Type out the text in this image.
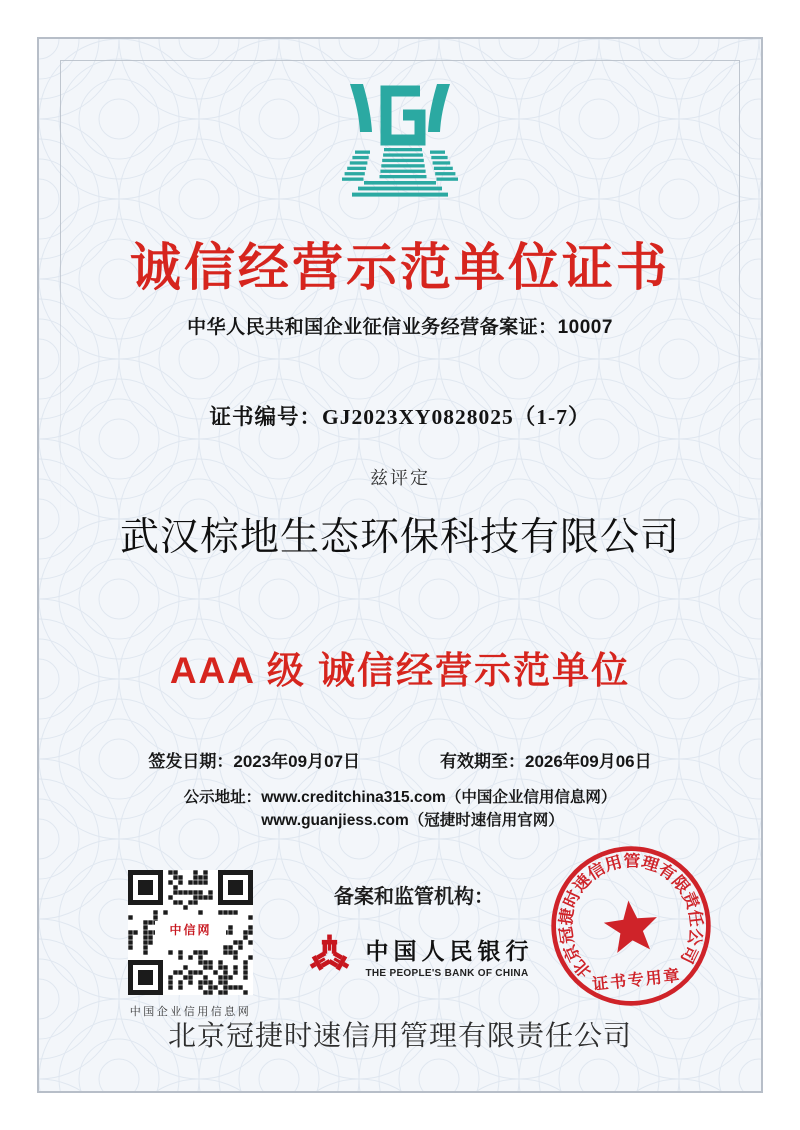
诚信经营示范单位证书
中华人民共和国企业征信业务经营备案证：10007
证书编号：GJ2023XY0828025（1-7）
兹评定
武汉棕地生态环保科技有限公司
AAA 级 诚信经营示范单位
签发日期：2023年09月07日	有效期至：2026年09月06日
公示地址： www.creditchina315.com（中国企业信用信息网）
www.guanjiess.com（冠捷时速信用官网）
中信网
中国企业信用信息网
备案和监管机构：
中国人民银行
THE PEOPLE'S BANK OF CHINA	北京冠捷时速信用管理有限责任公司
证书专用章
北京冠捷时速信用管理有限责任公司
